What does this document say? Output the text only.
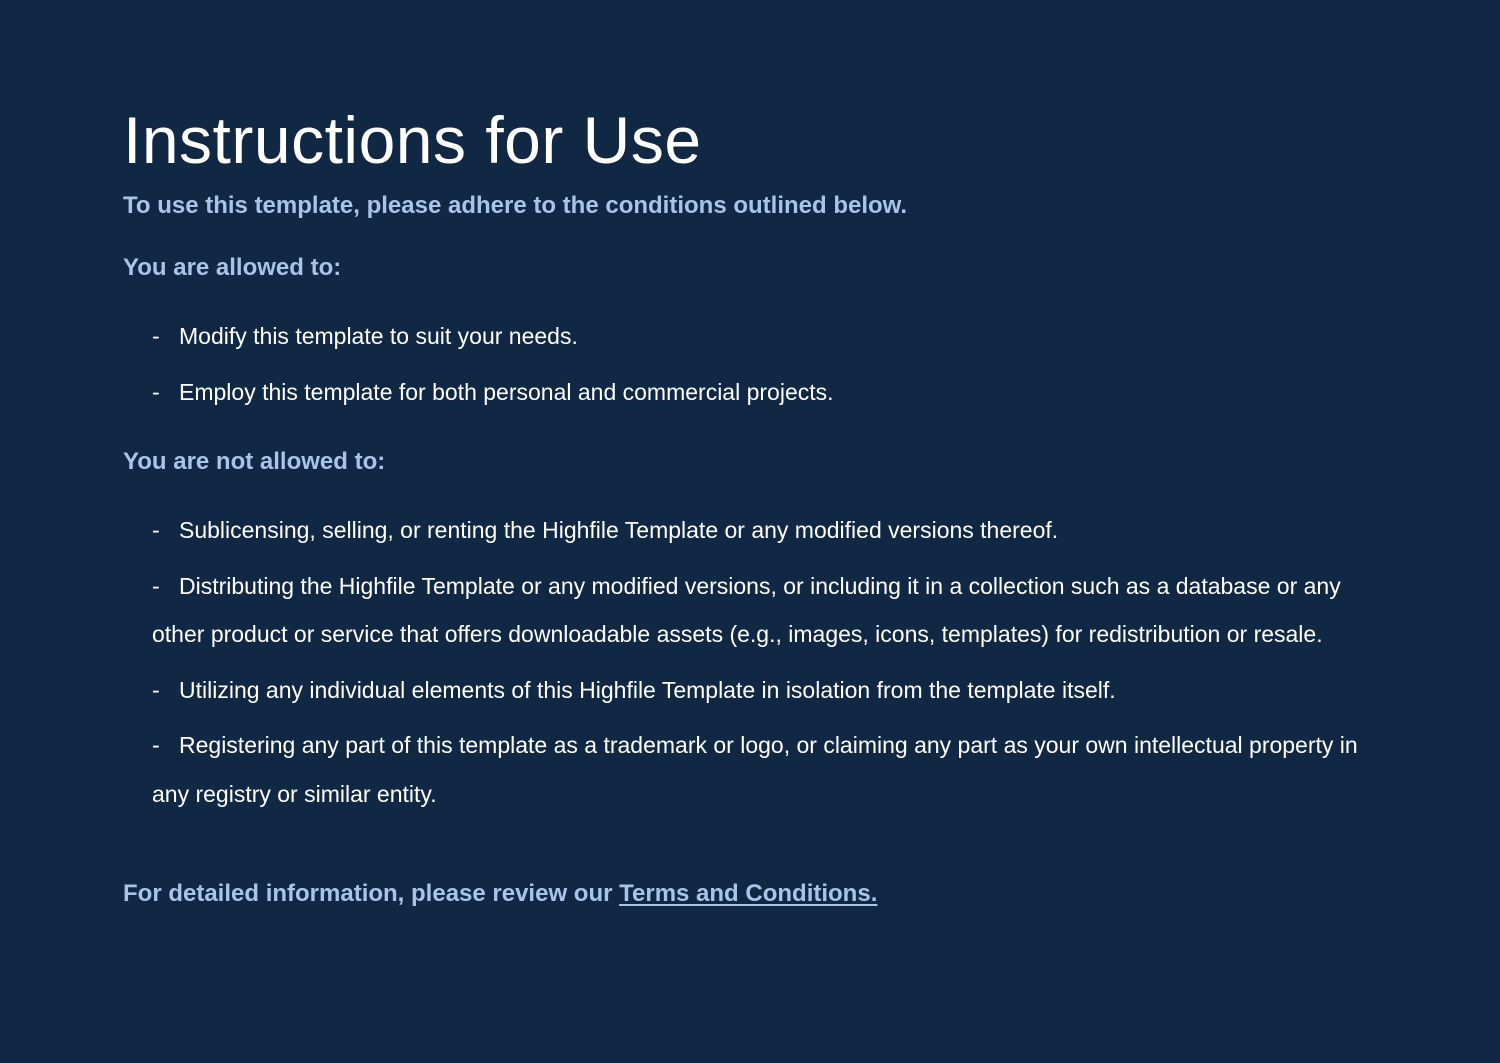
Instructions for Use

To use this template, please adhere to the conditions outlined below.

You are allowed to:

- Modify this template to suit your needs.
- Employ this template for both personal and commercial projects.

You are not allowed to:

- Sublicensing, selling, or renting the Highfile Template or any modified versions thereof.
- Distributing the Highfile Template or any modified versions, or including it in a collection such as a database or any other product or service that offers downloadable assets (e.g., images, icons, templates) for redistribution or resale.
- Utilizing any individual elements of this Highfile Template in isolation from the template itself.
- Registering any part of this template as a trademark or logo, or claiming any part as your own intellectual property in any registry or similar entity.

For detailed information, please review our Terms and Conditions.
